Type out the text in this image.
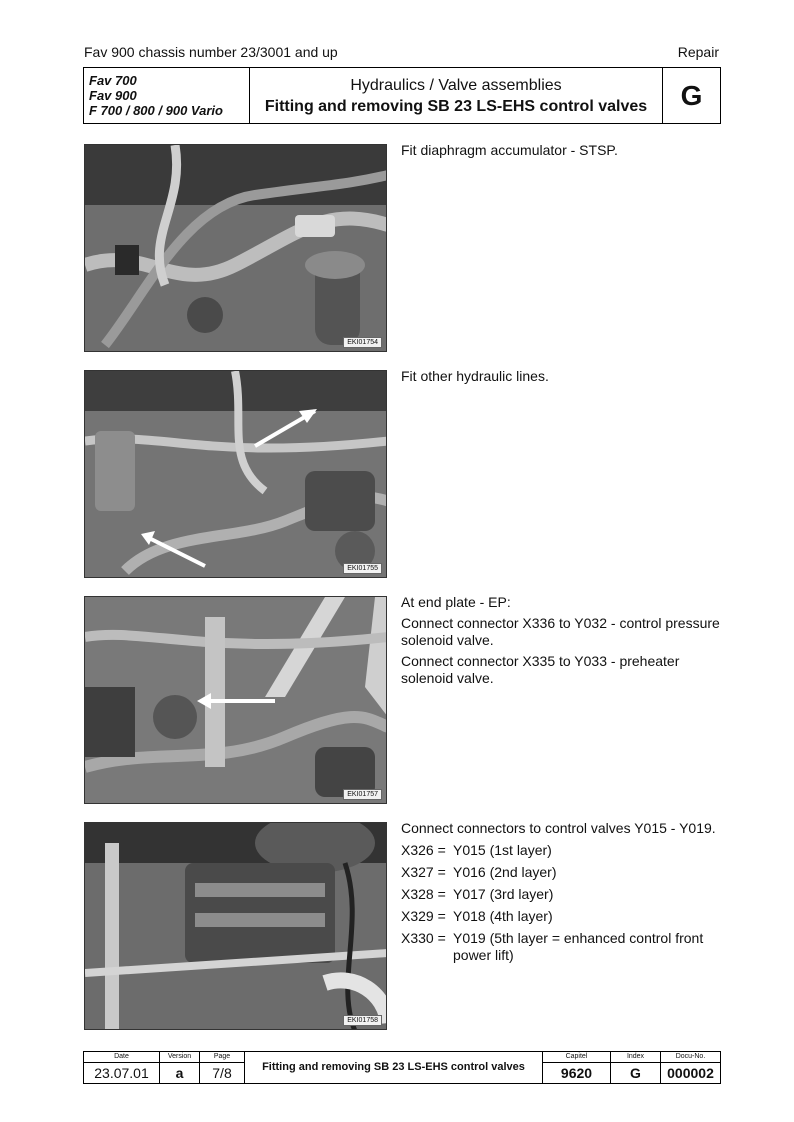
Fav 900 chassis number 23/3001 and up	Repair
Fav 700
Fav 900
F 700 / 800 / 900 Vario
Hydraulics / Valve assemblies
Fitting and removing SB 23 LS-EHS control valves	G
EKI01754

Fit diaphragm accumulator - STSP.

EKI01755

Fit other hydraulic lines.

EKI01757

At end plate - EP:

Connect connector X336 to Y032 - control pressure solenoid valve.

Connect connector X335 to Y033 - preheater solenoid valve.

EKI01758

Connect connectors to control valves Y015 - Y019.

X326 = Y015 (1st layer)
X327 = Y016 (2nd layer)
X328 = Y017 (3rd layer)
X329 = Y018 (4th layer)
X330 = Y019 (5th layer = enhanced control front power lift)
Date
23.07.01
Version
a
Page
7/8	Fitting and removing SB 23 LS-EHS control valves
Capitel
9620
Index
G
Docu-No.
000002
